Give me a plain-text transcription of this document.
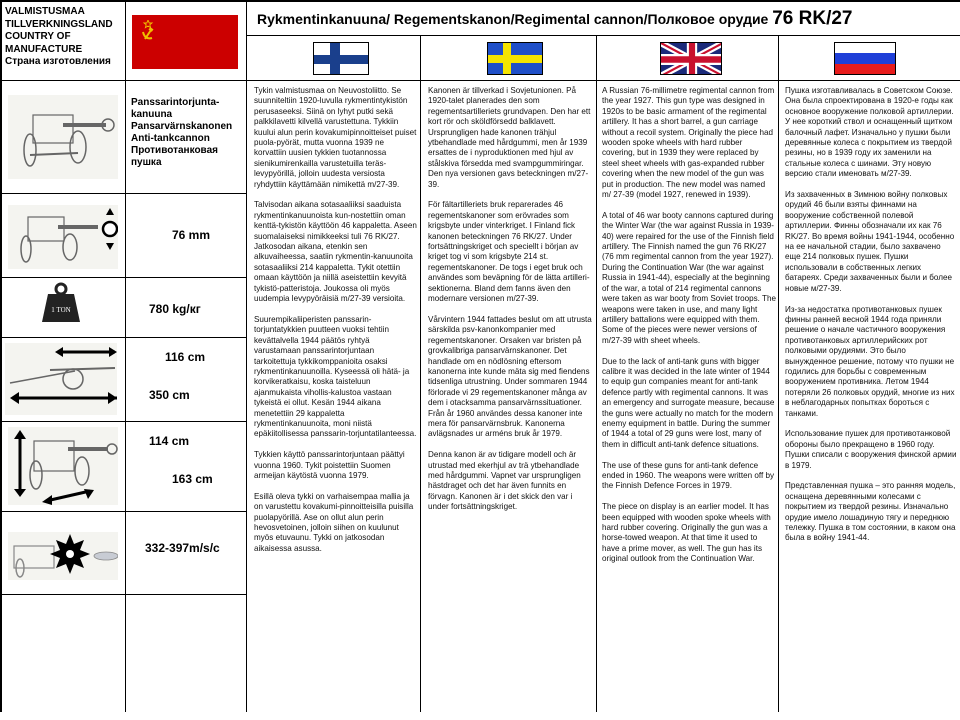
VALMISTUSMAA
TILLVERKNINGSLAND
COUNTRY OF
MANUFACTURE
Страна изготовления
Rykmentinkanuuna/ Regementskanon/Regimental cannon/Полковое орудие 76 RK/27
Panssarintorjunta-
kanuuna
Pansarvärnskanonen
Anti-tankcannon
Противотанковая
пушка
76 mm
1 TON	780 kg/кг
116 cm
350 cm
114 cm
163 cm
332-397m/s/c

Tykin valmistusmaa on Neuvostoliitto. Se suunniteltiin 1920-luvulla rykmentintykistön perusaseeksi. Siinä on lyhyt putki sekä palkkilavetti kilvellä varustettuna. Tykkiin kuului alun perin kovakumipinnoitteiset puiset puola-pyörät, mutta vuonna 1939 ne korvattiin uusien tykkien tuotannossa sienikumirenkailla varustetuilla teräs-levypyörillä, jolloin uudesta versiosta ryhdyttiin käyttämään nimikettä m/27-39.

Talvisodan aikana sotasaaliiksi saaduista rykmentinkanuunoista kun-nostettiin oman kenttä-tykistön käyttöön 46 kappaletta. Aseen suomalaiseksi nimikkeeksi tuli 76 RK/27. Jatkosodan aikana, etenkin sen alkuvaiheessa, saatiin rykmentin-kanuunoita sotasaaliiksi 214 kappaletta. Tykit otettiin omaan käyttöön ja niillä aseistettiin kevyitä tykistö-patteristoja. Joukossa oli myös uudempia levypyöräisiä m/27-39 versioita.

Suurempikaliiperisten panssarin-torjuntatykkien puutteen vuoksi tehtiin kevättalvella 1944 päätös ryhtyä varustamaan panssarintorjuntaan tarkoitettuja tykkikomppanioita osaksi rykmentinkanuunoilla. Kyseessä oli hätä- ja korvikeratkaisu, koska taisteluun ajanmukaista vihollis-kalustoa vastaan tykeistä ei ollut. Kesän 1944 aikana menetettiin 29 kappaletta rykmentinkanuunoita, moni niistä epäkiitollisessa panssarin-torjuntatilanteessa.

Tykkien käyttö panssarintorjuntaan päättyi vuonna 1960. Tykit poistettiin Suomen armeijan käytöstä vuonna 1979.

Esillä oleva tykki on varhaisempaa mallia ja on varustettu kovakumi-pinnoitteisilla puisilla puolapyörillä. Ase on ollut alun perin hevosvetoinen, jolloin siihen on kuulunut myös etuvaunu. Tykki on jatkosodan aikaisessa asussa.

Kanonen är tillverkad i Sovjetunionen. På 1920-talet planerades den som regementsartilleriets grundvapen. Den har ett kort rör och sköldförsedd balklavett. Ursprungligen hade kanonen trähjul ytbehandlade med hårdgummi, men år 1939 ersattes de i nyproduktionen med hjul av stålskiva försedda med svampgummiringar. Den nya versionen gavs beteckningen m/27-39.

För fältartilleriets bruk reparerades 46 regementskanoner som erövrades som krigsbyte under vinterkriget. I Finland fick kanonen beteckningen 76 RK/27. Under fortsättningskriget och speciellt i början av kriget tog vi som krigsbyte 214 st. regementskanoner. De togs i eget bruk och användes som beväpning för de lätta artilleri-sektionerna. Bland dem fanns även den modernare versionen m/27-39.

Vårvintern 1944 fattades beslut om att utrusta särskilda psv-kanonkompanier med regementskanoner. Orsaken var bristen på grovkalibriga pansarvärnskanoner. Det handlade om en nödlösning eftersom kanonerna inte kunde mäta sig med fiendens tidsenliga utrustning. Under sommaren 1944 förlorade vi 29 regementskanoner många av dem i otacksamma pansarvärnssituationer. Från år 1960 användes dessa kanoner inte mera för pansarvärnsbruk. Kanonerna avlägsnades ur arméns bruk år 1979.

Denna kanon är av tidigare modell och är utrustad med ekerhjul av trä ytbehandlade med hårdgummi. Vapnet var ursprungligen hästdraget och det har även funnits en förvagn. Kanonen är i det skick den var i under fortsättningskriget.

A Russian 76-millimetre regimental cannon from the year 1927. This gun type was designed in 1920s to be basic armament of the regimental artillery. It has a short barrel, a gun carriage without a recoil system. Originally the piece had wooden spoke wheels with hard rubber covering, but in 1939 they were replaced by steel sheet wheels with gas-expanded rubber covering when the new model of the gun was put in production. The new model was named m/ 27-39 (model 1927, renewed in 1939).

A total of 46 war booty cannons captured during the Winter War (the war against Russia in 1939-40) were repaired for the use of the Finnish field artillery. The Finnish named the gun 76 RK/27 (76 mm regimental cannon from the year 1927). During the Continuation War (the war against Russia in 1941-44), especially at the beginning of the war, a total of 214 regimental cannons were taken as war booty from Soviet troops. The weapons were taken in use, and many light artillery battalions were equipped with them. Some of the pieces were newer versions of m/27-39 with sheet wheels.

Due to the lack of anti-tank guns with bigger calibre it was decided in the late winter of 1944 to equip gun companies meant for anti-tank defence partly with regimental cannons. It was an emergency and surrogate measure, because the guns were actually no match for the modern enemy equipment in battle. During the summer of 1944 a total of 29 guns were lost, many of them in difficult anti-tank defence situations.

The use of these guns for anti-tank defence ended in 1960. The weapons were written off by the Finnish Defence Forces in 1979.

The piece on display is an earlier model. It has been equipped with wooden spoke wheels with hard rubber covering. Originally the gun was a horse-towed weapon. At that time it used to have a prime mover, as well. The gun has its original outlook from the Continuation War.

Пушка изготавливалась в Советском Союзе. Она была спроектирована в 1920-е годы как основное вооружение полковой артиллерии. У нее короткий ствол и оснащенный щитком балочный лафет. Изначально у пушки были деревянные колеса с покрытием из твердой резины, но в 1939 году их заменили на стальные колеса с шинами. Эту новую версию стали именовать м/27-39.

Из захваченных в Зимнюю войну полковых орудий 46 были взяты финнами на вооружение собственной полевой артиллерии. Финны обозначали их как 76 RK/27. Во время войны 1941-1944, особенно на ее начальной стадии, было захвачено еще 214 полковых пушек. Пушки использовали в собственных легких батареях. Среди захваченных были и более новые м/27-39.

Из-за недостатка противотанковых пушек финны ранней весной 1944 года приняли решение о начале частичного вооружения противотанковых артиллерийских рот полковыми орудиями. Это было вынужденное решение, потому что пушки не годились для борьбы с современным вооружением противника. Летом 1944 потеряли 26 полковых орудий, многие из них в неблагодарных попытках бороться с танками.

Использование пушек для противотанковой обороны было прекращено в 1960 году. Пушки списали с вооружения финской армии в 1979.

Представленная пушка – это ранняя модель, оснащена деревянными колесами с покрытием из твердой резины. Изначально орудие имело лошадиную тягу и переднюю тележку. Пушка в том состоянии, в каком она была в войну 1941-44.
